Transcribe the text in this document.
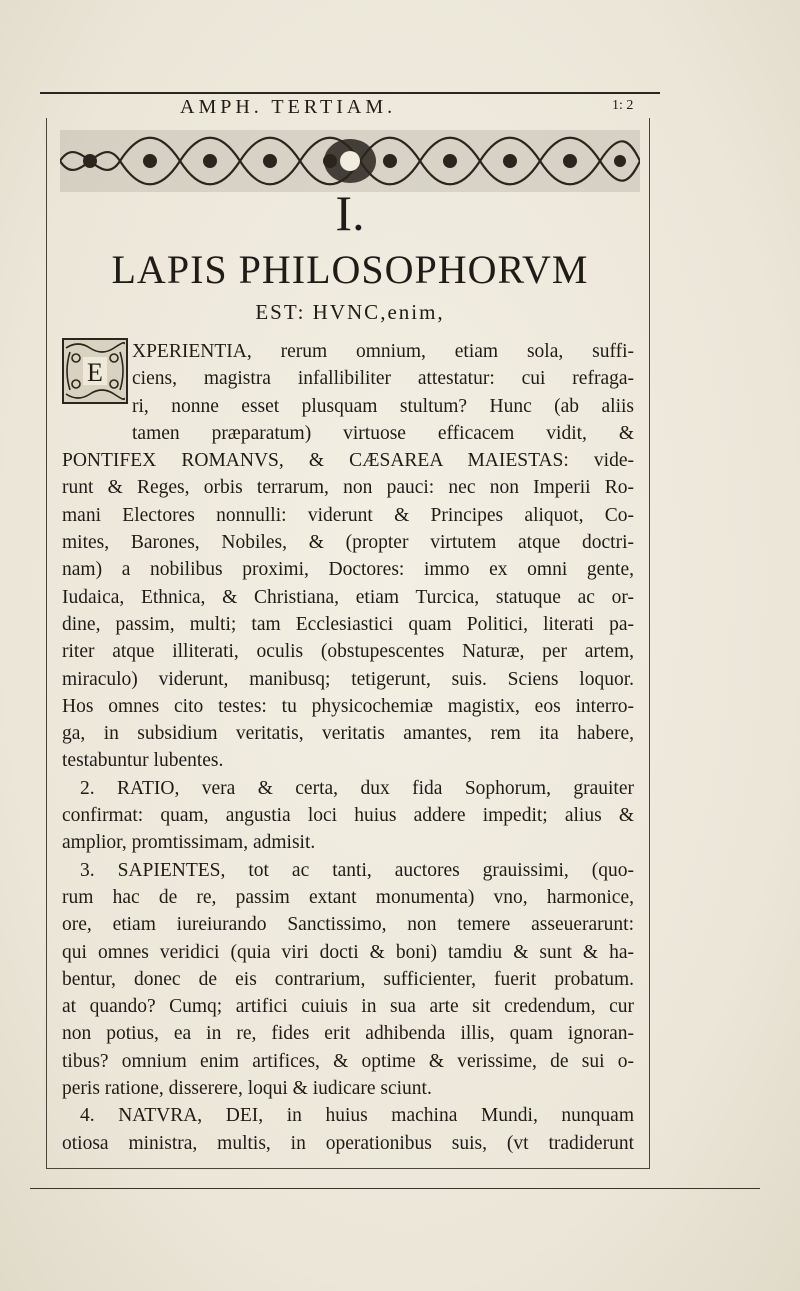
AMPH. TERTIAM.	1: 2
I.
LAPIS PHILOSOPHORVM
EST: HVNC,enim,
E
XPERIENTIA, rerum omnium, etiam sola, suffi-
ciens, magistra infallibiliter attestatur: cui refraga-
ri, nonne esset plusquam stultum? Hunc (ab aliis
tamen præparatum) virtuose efficacem vidit, &
PONTIFEX ROMANVS, & CÆSAREA MAIESTAS: vide-
runt & Reges, orbis terrarum, non pauci: nec non Imperii Ro-
mani Electores nonnulli: viderunt & Principes aliquot, Co-
mites, Barones, Nobiles, & (propter virtutem atque doctri-
nam) a nobilibus proximi, Doctores: immo ex omni gente,
Iudaica, Ethnica, & Christiana, etiam Turcica, statuque ac or-
dine, passim, multi; tam Ecclesiastici quam Politici, literati pa-
riter atque illiterati, oculis (obstupescentes Naturæ, per artem,
miraculo) viderunt, manibusq; tetigerunt, suis. Sciens loquor.
Hos omnes cito testes: tu physicochemiæ magistix, eos interro-
ga, in subsidium veritatis, veritatis amantes, rem ita habere,
testabuntur lubentes.
2. RATIO, vera & certa, dux fida Sophorum, grauiter
confirmat: quam, angustia loci huius addere impedit; alius &
amplior, promtissimam, admisit.
3. SAPIENTES, tot ac tanti, auctores grauissimi, (quo-
rum hac de re, passim extant monumenta) vno, harmonice,
ore, etiam iureiurando Sanctissimo, non temere asseuerarunt:
qui omnes veridici (quia viri docti & boni) tamdiu & sunt & ha-
bentur, donec de eis contrarium, sufficienter, fuerit probatum.
at quando? Cumq; artifici cuiuis in sua arte sit credendum, cur
non potius, ea in re, fides erit adhibenda illis, quam ignoran-
tibus? omnium enim artifices, & optime & verissime, de sui o-
peris ratione, disserere, loqui & iudicare sciunt.
4. NATVRA, DEI, in huius machina Mundi, nunquam
otiosa ministra, multis, in operationibus suis, (vt tradiderunt
